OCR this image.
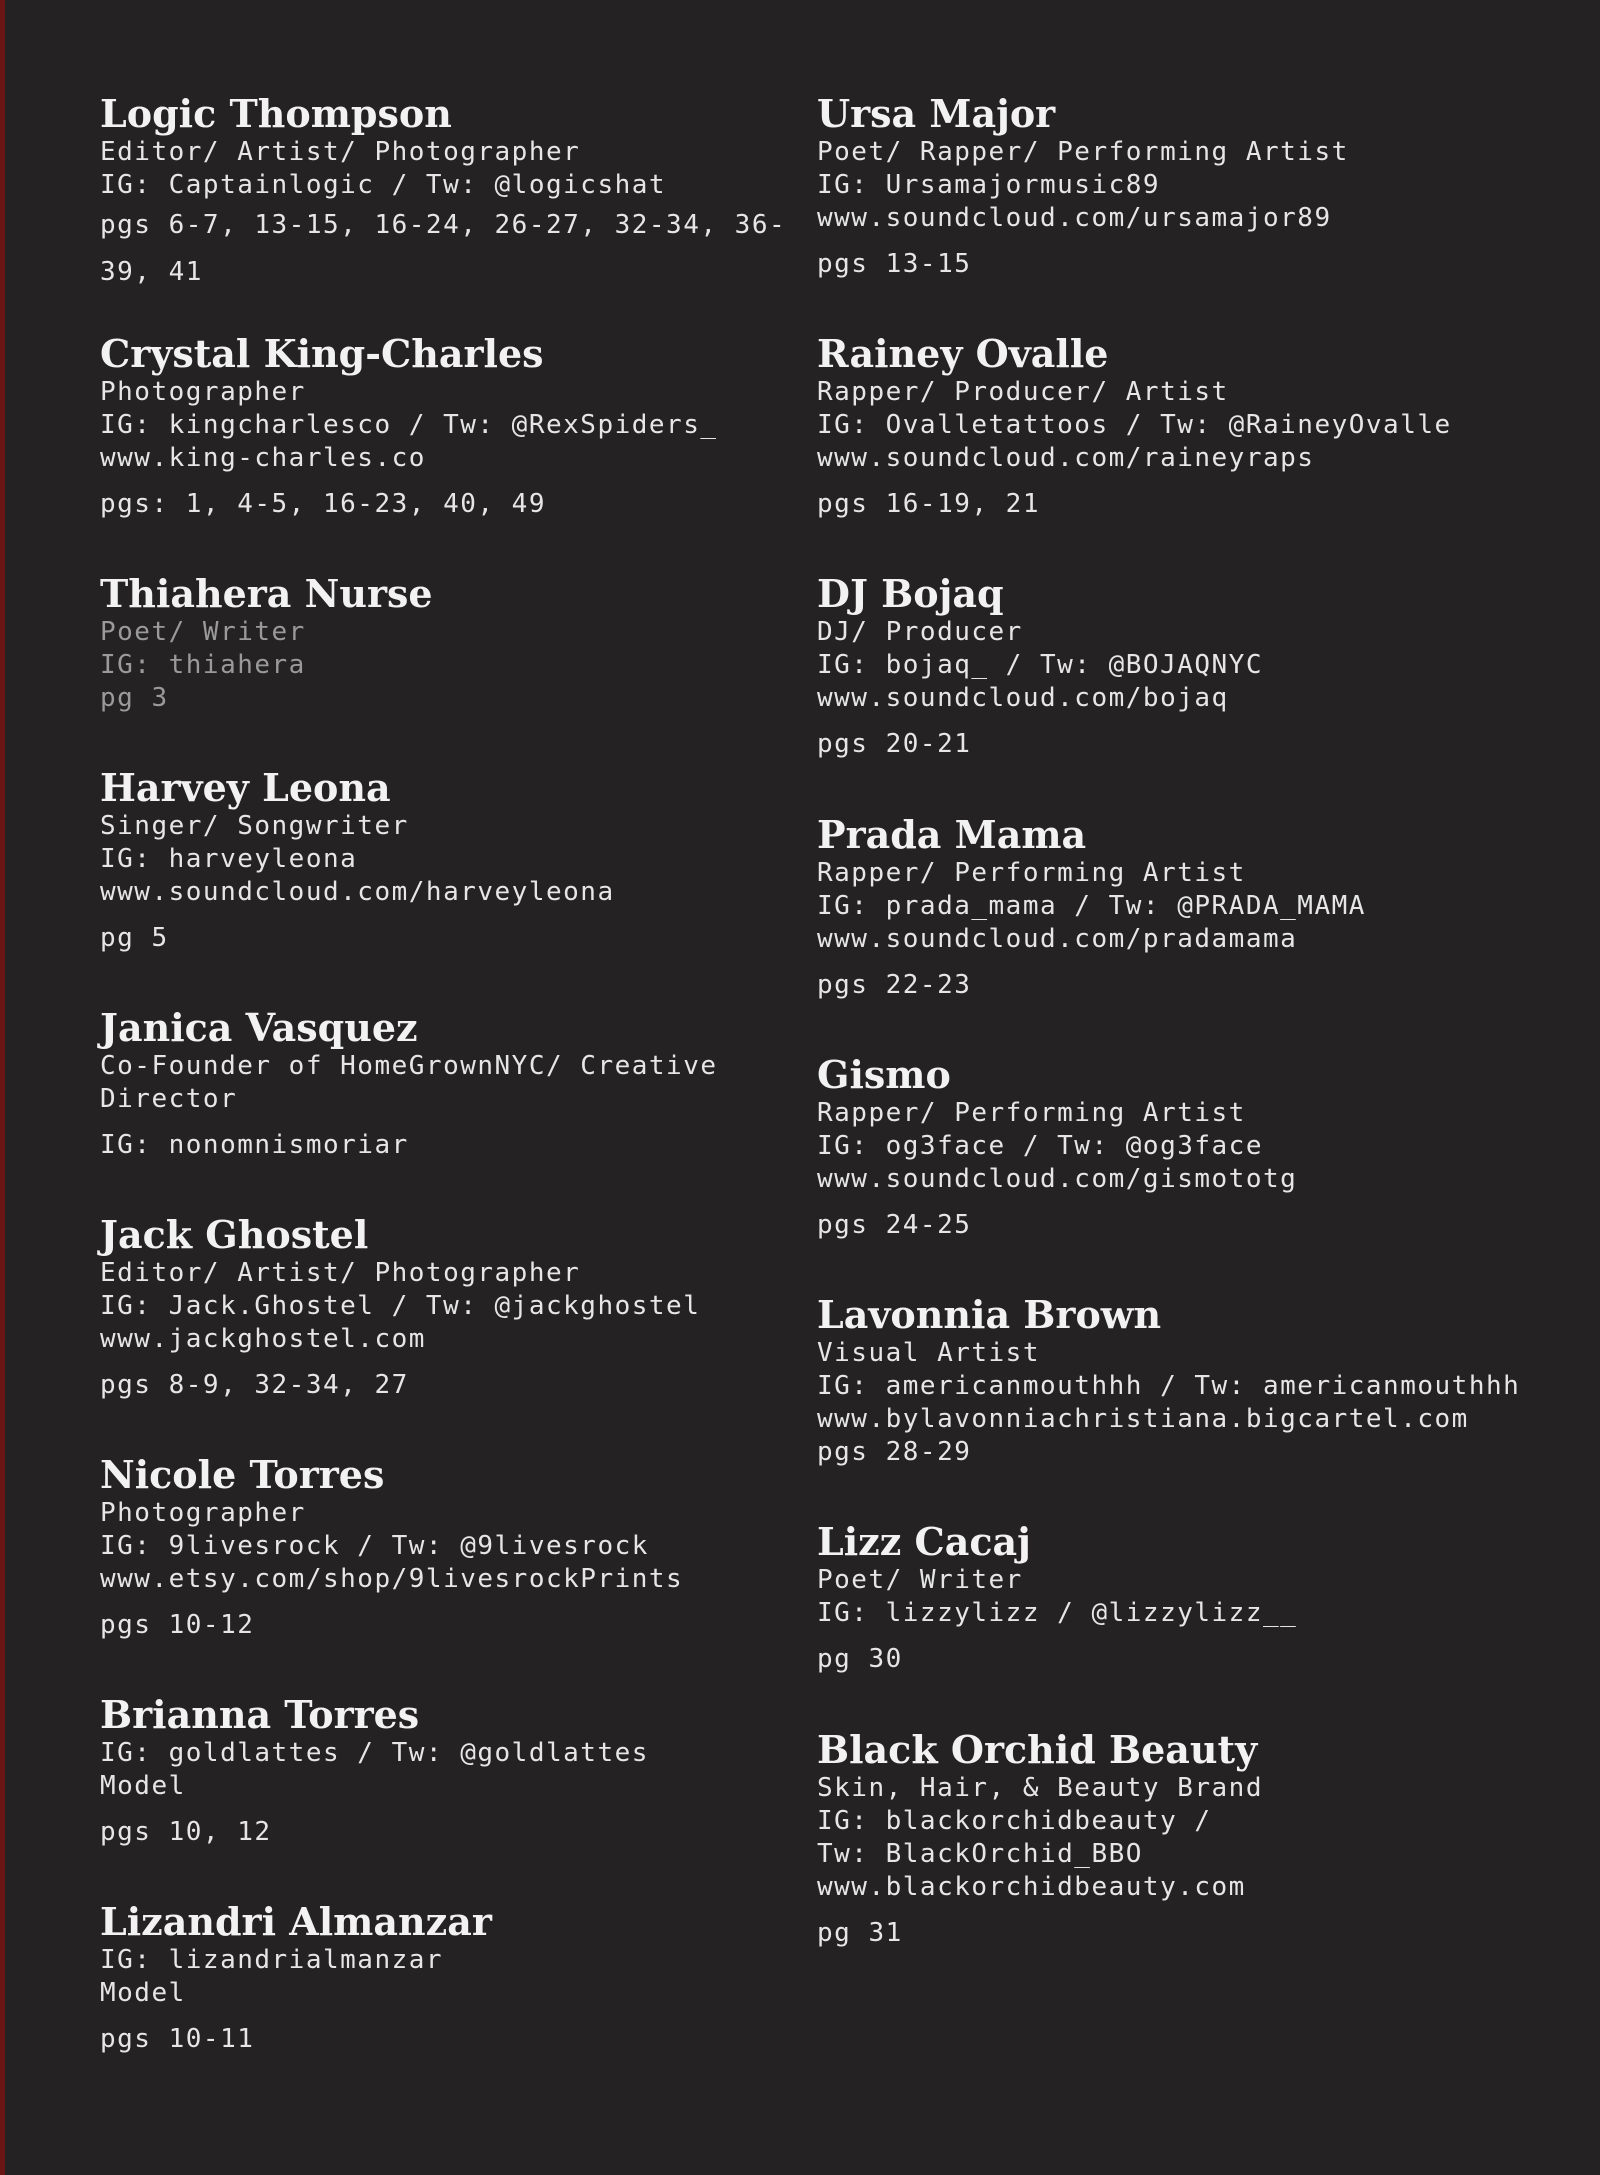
Logic Thompson
Editor/ Artist/ Photographer
IG: Captainlogic / Tw: @logicshat
pgs 6-7, 13-15, 16-24, 26-27, 32-34, 36-39, 41
Crystal King-Charles
Photographer
IG: kingcharlesco / Tw: @RexSpiders_
www.king-charles.co
pgs: 1, 4-5, 16-23, 40, 49
Thiahera Nurse
Poet/ Writer
IG: thiahera
pg 3
Harvey Leona
Singer/ Songwriter
IG: harveyleona
www.soundcloud.com/harveyleona
pg 5
Janica Vasquez
Co-Founder of HomeGrownNYC/ Creative
Director
IG: nonomnismoriar
Jack Ghostel
Editor/ Artist/ Photographer
IG: Jack.Ghostel / Tw: @jackghostel
www.jackghostel.com
pgs 8-9, 32-34, 27
Nicole Torres
Photographer
IG: 9livesrock / Tw: @9livesrock
www.etsy.com/shop/9livesrockPrints
pgs 10-12
Brianna Torres
IG: goldlattes / Tw: @goldlattes
Model
pgs 10, 12
Lizandri Almanzar
IG: lizandrialmanzar
Model
pgs 10-11
Ursa Major
Poet/ Rapper/ Performing Artist
IG: Ursamajormusic89
www.soundcloud.com/ursamajor89
pgs 13-15
Rainey Ovalle
Rapper/ Producer/ Artist
IG: Ovalletattoos / Tw: @RaineyOvalle
www.soundcloud.com/raineyraps
pgs 16-19, 21
DJ Bojaq
DJ/ Producer
IG: bojaq_ / Tw: @BOJAQNYC
www.soundcloud.com/bojaq
pgs 20-21
Prada Mama
Rapper/ Performing Artist
IG: prada_mama / Tw: @PRADA_MAMA
www.soundcloud.com/pradamama
pgs 22-23
Gismo
Rapper/ Performing Artist
IG: og3face / Tw: @og3face
www.soundcloud.com/gismototg
pgs 24-25
Lavonnia Brown
Visual Artist
IG: americanmouthhh / Tw: americanmouthhh
www.bylavonniachristiana.bigcartel.com
pgs 28-29
Lizz Cacaj
Poet/ Writer
IG: lizzylizz / @lizzylizz__
pg 30
Black Orchid Beauty
Skin, Hair, & Beauty Brand
IG: blackorchidbeauty /
Tw: BlackOrchid_BBO
www.blackorchidbeauty.com
pg 31
